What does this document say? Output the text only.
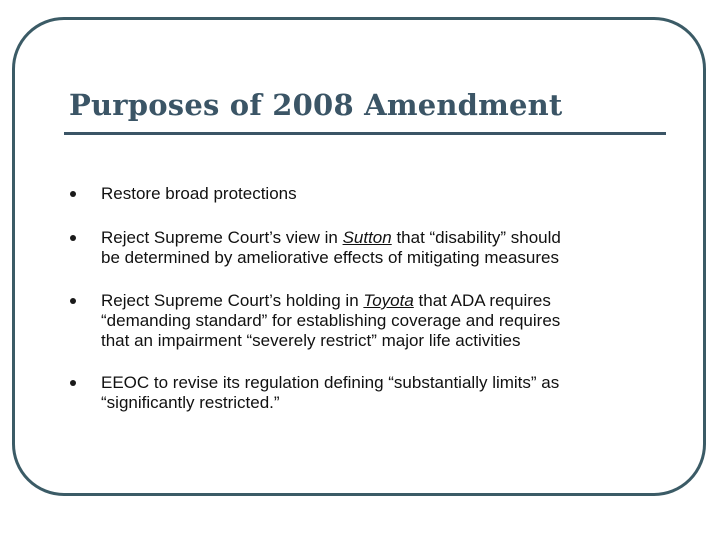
Purposes of 2008 Amendment
Restore broad protections
Reject Supreme Court’s view in Sutton that “disability” should
be determined by ameliorative effects of mitigating measures
Reject Supreme Court’s holding in Toyota that ADA requires
“demanding standard” for establishing coverage and requires
that an impairment “severely restrict” major life activities
EEOC to revise its regulation defining “substantially limits” as
“significantly restricted.”
